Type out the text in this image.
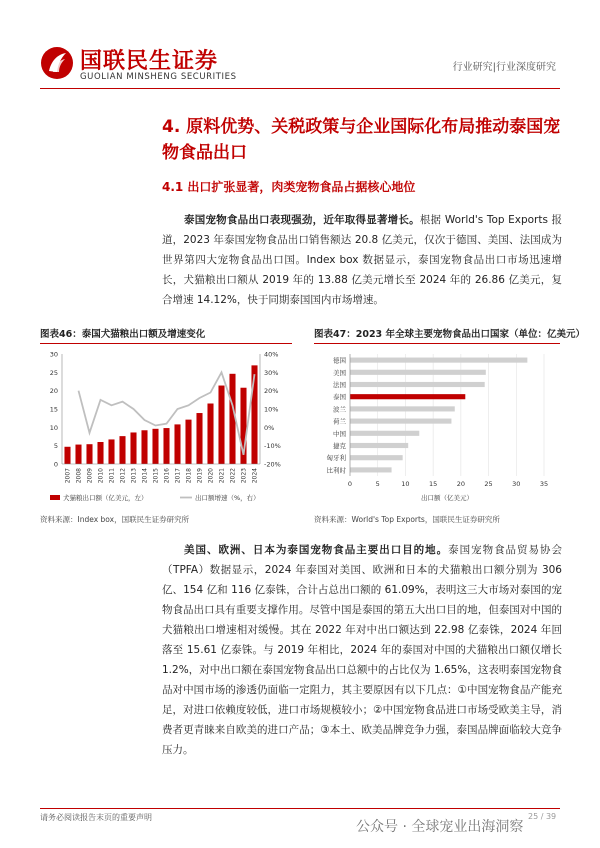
国联民生证券
GUOLIAN MINSHENG SECURITIES
行业研究|行业深度研究
4. 原料优势、关税政策与企业国际化布局推动泰国宠物食品出口
4.1 出口扩张显著，肉类宠物食品占据核心地位
泰国宠物食品出口表现强劲，近年取得显著增长。根据 World's Top Exports 报道，2023 年泰国宠物食品出口销售额达 20.8 亿美元，仅次于德国、美国、法国成为世界第四大宠物食品出口国。Index box 数据显示，泰国宠物食品出口市场迅速增长，犬猫粮出口额从 2019 年的 13.88 亿美元增长至 2024 年的 26.86 亿美元，复合增速 14.12%，快于同期泰国国内市场增速。
图表46：泰国犬猫粮出口额及增速变化
0
5
10
15
20
25
30
-20%
-10%
0%
10%
20%
30%
40%
2007 2008 2009 2010 2011 2012 2013 2014 2015 2016 2017 2018 2019 2020 2021 2022 2023 2024
犬猫粮出口额（亿美元，左）	出口额增速（%，右）
资料来源：Index box，国联民生证券研究所
图表47：2023 年全球主要宠物食品出口国家（单位：亿美元）
0	5	10	15	20	25	30	35
德国
美国
法国
泰国
波兰
荷兰
中国
捷克
匈牙利
比利时
出口额（亿美元）
资料来源：World's Top Exports，国联民生证券研究所
美国、欧洲、日本为泰国宠物食品主要出口目的地。泰国宠物食品贸易协会（TPFA）数据显示，2024 年泰国对美国、欧洲和日本的犬猫粮出口额分别为 306 亿、154 亿和 116 亿泰铢，合计占总出口额的 61.09%，表明这三大市场对泰国的宠物食品出口具有重要支撑作用。尽管中国是泰国的第五大出口目的地，但泰国对中国的犬猫粮出口增速相对缓慢。其在 2022 年对中出口额达到 22.98 亿泰铢，2024 年回落至 15.61 亿泰铢。与 2019 年相比，2024 年的泰国对中国的犬猫粮出口额仅增长 1.2%，对中出口额在泰国宠物食品出口总额中的占比仅为 1.65%，这表明泰国宠物食品对中国市场的渗透仍面临一定阻力，其主要原因有以下几点：①中国宠物食品产能充足，对进口依赖度较低，进口市场规模较小；②中国宠物食品进口市场受欧美主导，消费者更青睐来自欧美的进口产品；③本土、欧美品牌竞争力强，泰国品牌面临较大竞争压力。
请务必阅读报告末页的重要声明	25 / 39
公众号 · 全球宠业出海洞察
